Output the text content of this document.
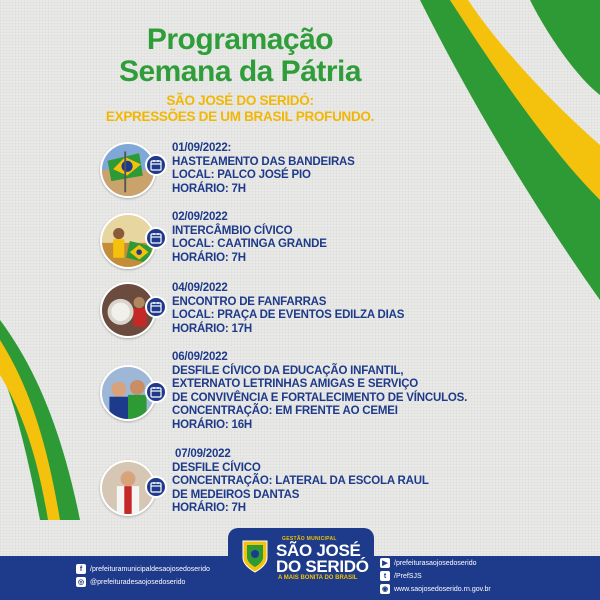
Programação
Semana da Pátria
SÃO JOSÉ DO SERIDÓ:
EXPRESSÕES DE UM BRASIL PROFUNDO.
01/09/2022:
HASTEAMENTO DAS BANDEIRAS
LOCAL: PALCO JOSÉ PIO
HORÁRIO: 7H
02/09/2022
INTERCÂMBIO CÍVICO
LOCAL: CAATINGA GRANDE
HORÁRIO: 7H
04/09/2022
ENCONTRO DE FANFARRAS
LOCAL: PRAÇA DE EVENTOS EDILZA DIAS
HORÁRIO: 17H
06/09/2022
DESFILE CÍVICO DA EDUCAÇÃO INFANTIL,
EXTERNATO LETRINHAS AMIGAS E SERVIÇO
DE CONVIVÊNCIA E FORTALECIMENTO DE VÍNCULOS.
CONCENTRAÇÃO: EM FRENTE AO CEMEI
HORÁRIO: 16H
07/09/2022
DESFILE CÍVICO
CONCENTRAÇÃO: LATERAL DA ESCOLA RAUL
DE MEDEIROS DANTAS
HORÁRIO: 7H
GESTÃO MUNICIPAL
SÃO JOSÉ
DO SERIDÓ
A MAIS BONITA DO BRASIL
f	/prefeituramunicipaldesaojosedoserido
◎ @prefeituradesaojosedoserido
▶ /prefeiturasaojosedoserido
t	/PrefSJS
◉ www.saojosedoserido.rn.gov.br
